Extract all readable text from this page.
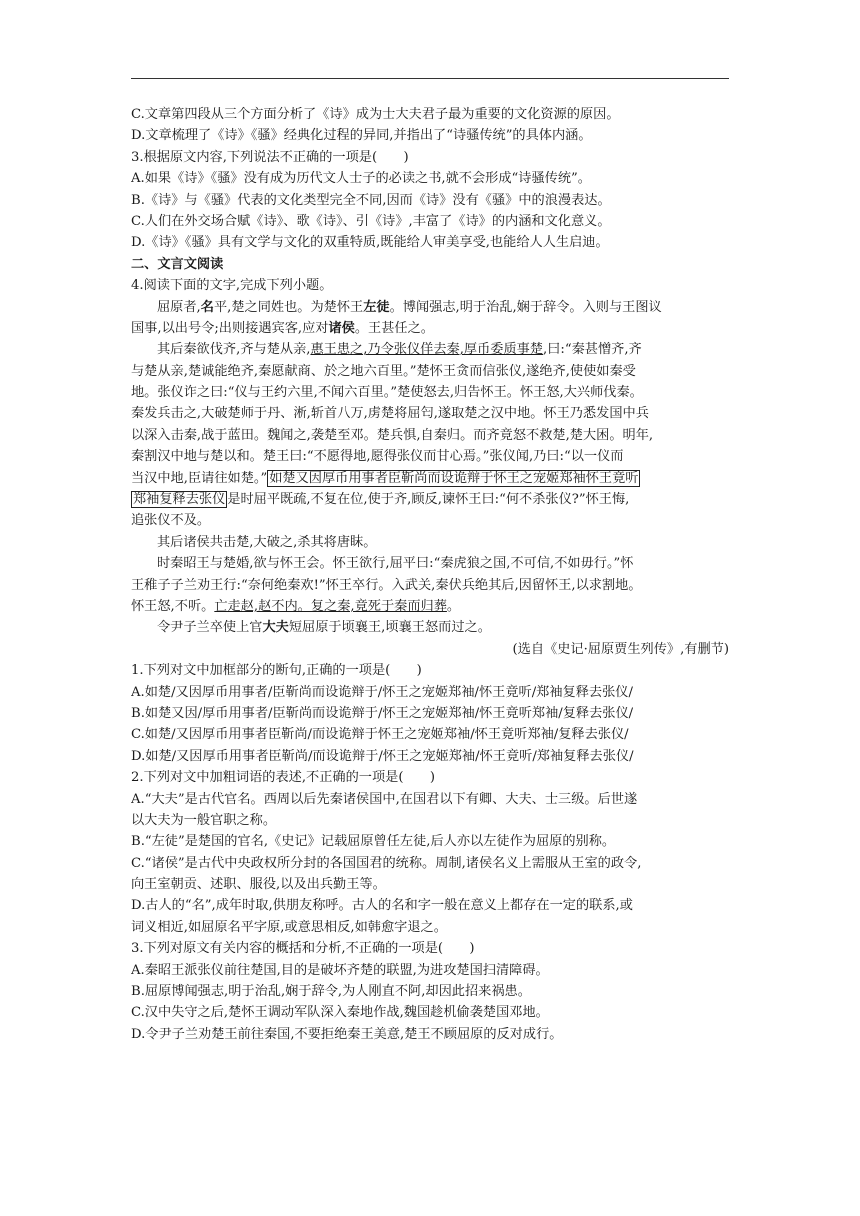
C.文章第四段从三个方面分析了《诗》成为士大夫君子最为重要的文化资源的原因。
D.文章梳理了《诗》《骚》经典化过程的异同,并指出了“诗骚传统”的具体内涵。
3.根据原文内容,下列说法不正确的一项是(　　)
A.如果《诗》《骚》没有成为历代文人士子的必读之书,就不会形成“诗骚传统”。
B.《诗》与《骚》代表的文化类型完全不同,因而《诗》没有《骚》中的浪漫表达。
C.人们在外交场合赋《诗》、歌《诗》、引《诗》,丰富了《诗》的内涵和文化意义。
D.《诗》《骚》具有文学与文化的双重特质,既能给人审美享受,也能给人人生启迪。
二、文言文阅读
4.阅读下面的文字,完成下列小题。
屈原者,名平,楚之同姓也。为楚怀王左徒。博闻强志,明于治乱,娴于辞令。入则与王图议
国事,以出号令;出则接遇宾客,应对诸侯。王甚任之。
其后秦欲伐齐,齐与楚从亲,惠王患之,乃令张仪佯去秦,厚币委质事楚,曰:“秦甚憎齐,齐
与楚从亲,楚诚能绝齐,秦愿献商、於之地六百里。”楚怀王贪而信张仪,遂绝齐,使使如秦受
地。张仪诈之曰:“仪与王约六里,不闻六百里。”楚使怒去,归告怀王。怀王怒,大兴师伐秦。
秦发兵击之,大破楚师于丹、淅,斩首八万,虏楚将屈匄,遂取楚之汉中地。怀王乃悉发国中兵
以深入击秦,战于蓝田。魏闻之,袭楚至邓。楚兵惧,自秦归。而齐竟怒不救楚,楚大困。明年,
秦割汉中地与楚以和。楚王曰:“不愿得地,愿得张仪而甘心焉。”张仪闻,乃曰:“以一仪而
当汉中地,臣请往如楚。” 如楚又因厚币用事者臣靳尚而设诡辩于怀王之宠姬郑袖怀王竟听
郑袖复释去张仪 是时屈平既疏,不复在位,使于齐,顾反,谏怀王曰:“何不杀张仪?”怀王悔,
追张仪不及。
其后诸侯共击楚,大破之,杀其将唐眜。
时秦昭王与楚婚,欲与怀王会。怀王欲行,屈平曰:“秦虎狼之国,不可信,不如毋行。”怀
王稚子子兰劝王行:“奈何绝秦欢!”怀王卒行。入武关,秦伏兵绝其后,因留怀王,以求割地。
怀王怒,不听。亡走赵,赵不内。复之秦,竟死于秦而归葬。
令尹子兰卒使上官大夫短屈原于顷襄王,顷襄王怒而过之。
(选自《史记·屈原贾生列传》,有删节)
1.下列对文中加框部分的断句,正确的一项是(　　)
A.如楚/又因厚币用事者/臣靳尚而设诡辩于/怀王之宠姬郑袖/怀王竟听/郑袖复释去张仪/
B.如楚又因/厚币用事者/臣靳尚而设诡辩于/怀王之宠姬郑袖/怀王竟听郑袖/复释去张仪/
C.如楚/又因厚币用事者臣靳尚/而设诡辩于怀王之宠姬郑袖/怀王竟听郑袖/复释去张仪/
D.如楚/又因厚币用事者臣靳尚/而设诡辩于/怀王之宠姬郑袖/怀王竟听/郑袖复释去张仪/
2.下列对文中加粗词语的表述,不正确的一项是(　　)
A.“大夫”是古代官名。西周以后先秦诸侯国中,在国君以下有卿、大夫、士三级。后世遂
以大夫为一般官职之称。
B.“左徒”是楚国的官名,《史记》记载屈原曾任左徒,后人亦以左徒作为屈原的别称。
C.“诸侯”是古代中央政权所分封的各国国君的统称。周制,诸侯名义上需服从王室的政令,
向王室朝贡、述职、服役,以及出兵勤王等。
D.古人的“名”,成年时取,供朋友称呼。古人的名和字一般在意义上都存在一定的联系,或
词义相近,如屈原名平字原,或意思相反,如韩愈字退之。
3.下列对原文有关内容的概括和分析,不正确的一项是(　　)
A.秦昭王派张仪前往楚国,目的是破坏齐楚的联盟,为进攻楚国扫清障碍。
B.屈原博闻强志,明于治乱,娴于辞令,为人刚直不阿,却因此招来祸患。
C.汉中失守之后,楚怀王调动军队深入秦地作战,魏国趁机偷袭楚国邓地。
D.令尹子兰劝楚王前往秦国,不要拒绝秦王美意,楚王不顾屈原的反对成行。
